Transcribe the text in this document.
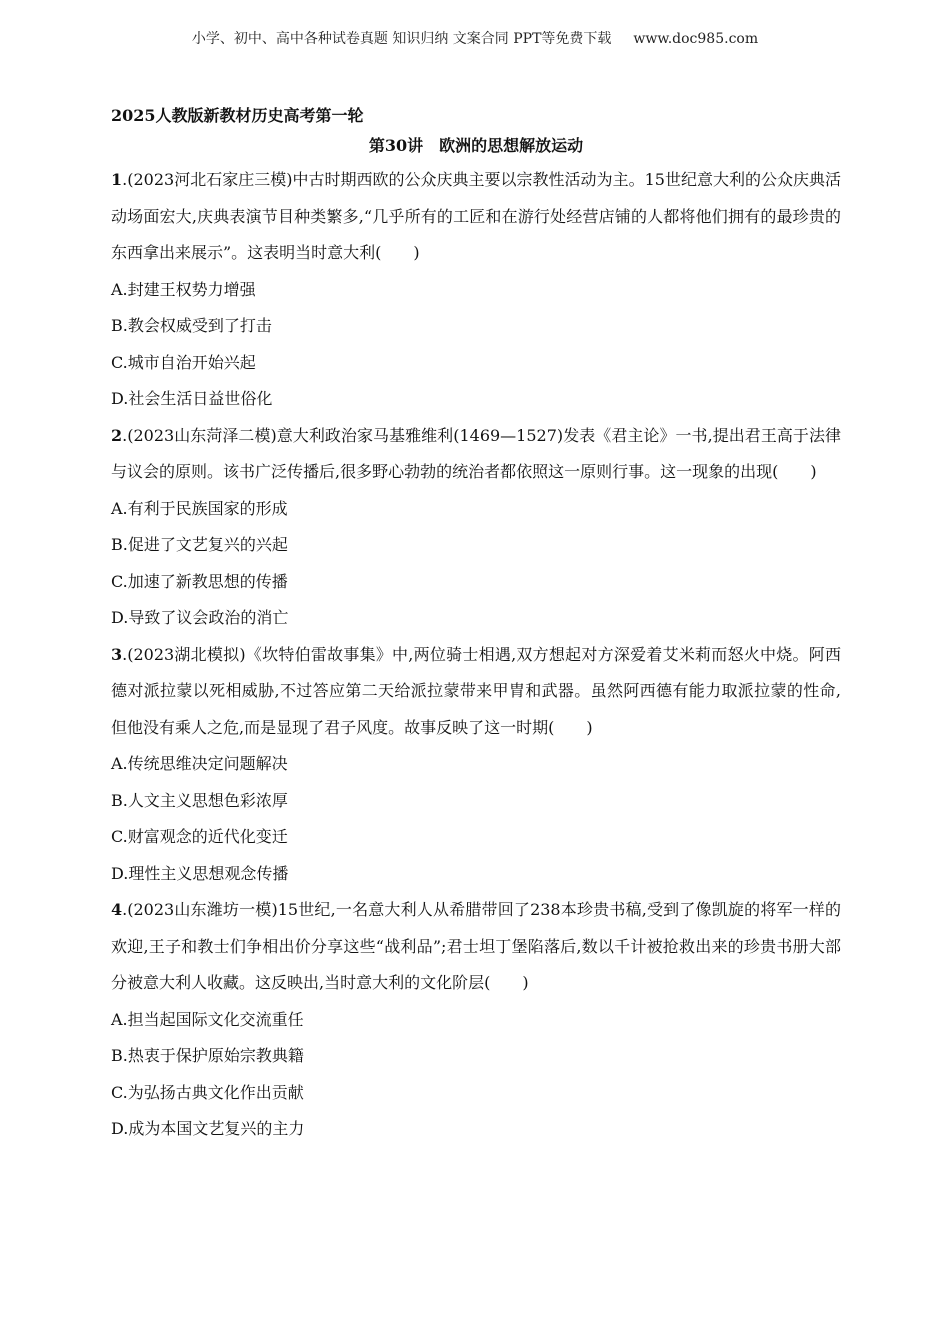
小学、初中、高中各种试卷真题 知识归纳 文案合同 PPT等免费下载 www.doc985.com

2025人教版新教材历史高考第一轮

第30讲　欧洲的思想解放运动

1.(2023河北石家庄三模)中古时期西欧的公众庆典主要以宗教性活动为主。15世纪意大利的公众庆典活动场面宏大,庆典表演节目种类繁多,“几乎所有的工匠和在游行处经营店铺的人都将他们拥有的最珍贵的东西拿出来展示”。这表明当时意大利(　　)

A.封建王权势力增强

B.教会权威受到了打击

C.城市自治开始兴起

D.社会生活日益世俗化

2.(2023山东菏泽二模)意大利政治家马基雅维利(1469—1527)发表《君主论》一书,提出君王高于法律与议会的原则。该书广泛传播后,很多野心勃勃的统治者都依照这一原则行事。这一现象的出现(　　)

A.有利于民族国家的形成

B.促进了文艺复兴的兴起

C.加速了新教思想的传播

D.导致了议会政治的消亡

3.(2023湖北模拟)《坎特伯雷故事集》中,两位骑士相遇,双方想起对方深爱着艾米莉而怒火中烧。阿西德对派拉蒙以死相威胁,不过答应第二天给派拉蒙带来甲胄和武器。虽然阿西德有能力取派拉蒙的性命,但他没有乘人之危,而是显现了君子风度。故事反映了这一时期(　　)

A.传统思维决定问题解决

B.人文主义思想色彩浓厚

C.财富观念的近代化变迁

D.理性主义思想观念传播

4.(2023山东潍坊一模)15世纪,一名意大利人从希腊带回了238本珍贵书稿,受到了像凯旋的将军一样的欢迎,王子和教士们争相出价分享这些“战利品”;君士坦丁堡陷落后,数以千计被抢救出来的珍贵书册大部分被意大利人收藏。这反映出,当时意大利的文化阶层(　　)

A.担当起国际文化交流重任

B.热衷于保护原始宗教典籍

C.为弘扬古典文化作出贡献

D.成为本国文艺复兴的主力
